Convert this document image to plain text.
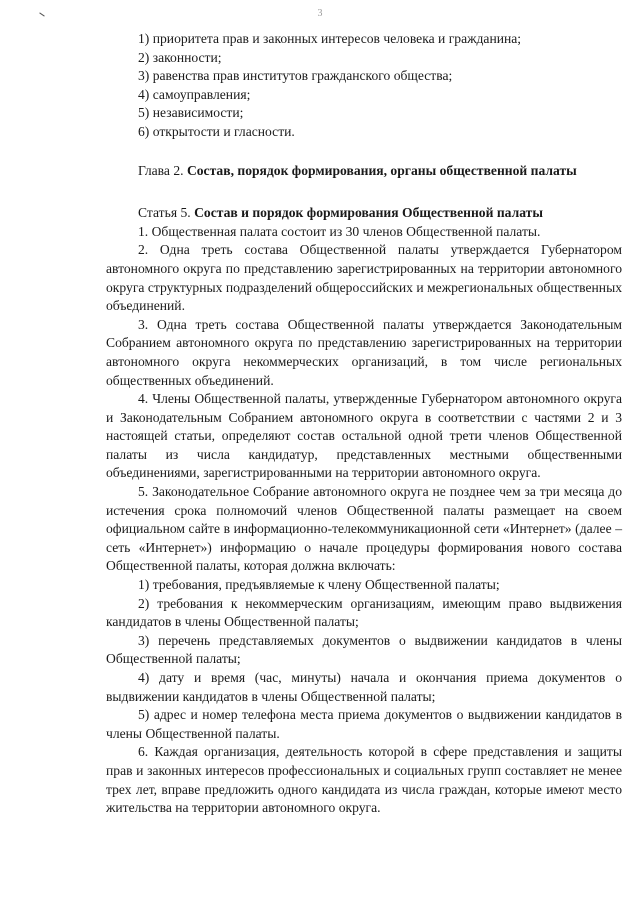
3

1) приоритета прав и законных интересов человека и гражданина;

2) законности;

3) равенства прав институтов гражданского общества;

4) самоуправления;

5) независимости;

6) открытости и гласности.

Глава 2. Состав, порядок формирования, органы общественной палаты

Статья 5. Состав и порядок формирования Общественной палаты

1. Общественная палата состоит из 30 членов Общественной палаты.

2. Одна треть состава Общественной палаты утверждается Губернатором автономного округа по представлению зарегистрированных на территории автономного округа структурных подразделений общероссийских и межрегиональных общественных объединений.

3. Одна треть состава Общественной палаты утверждается Законодательным Собранием автономного округа по представлению зарегистрированных на территории автономного округа некоммерческих организаций, в том числе региональных общественных объединений.

4. Члены Общественной палаты, утвержденные Губернатором автономного округа и Законодательным Собранием автономного округа в соответствии с частями 2 и 3 настоящей статьи, определяют состав остальной одной трети членов Общественной палаты из числа кандидатур, представленных местными общественными объединениями, зарегистрированными на территории автономного округа.

5. Законодательное Собрание автономного округа не позднее чем за три месяца до истечения срока полномочий членов Общественной палаты размещает на своем официальном сайте в информационно-телекоммуникационной сети «Интернет» (далее – сеть «Интернет») информацию о начале процедуры формирования нового состава Общественной палаты, которая должна включать:

1) требования, предъявляемые к члену Общественной палаты;

2) требования к некоммерческим организациям, имеющим право выдвижения кандидатов в члены Общественной палаты;

3) перечень представляемых документов о выдвижении кандидатов в члены Общественной палаты;

4) дату и время (час, минуты) начала и окончания приема документов о выдвижении кандидатов в члены Общественной палаты;

5) адрес и номер телефона места приема документов о выдвижении кандидатов в члены Общественной палаты.

6. Каждая организация, деятельность которой в сфере представления и защиты прав и законных интересов профессиональных и социальных групп составляет не менее трех лет, вправе предложить одного кандидата из числа граждан, которые имеют место жительства на территории автономного округа.
